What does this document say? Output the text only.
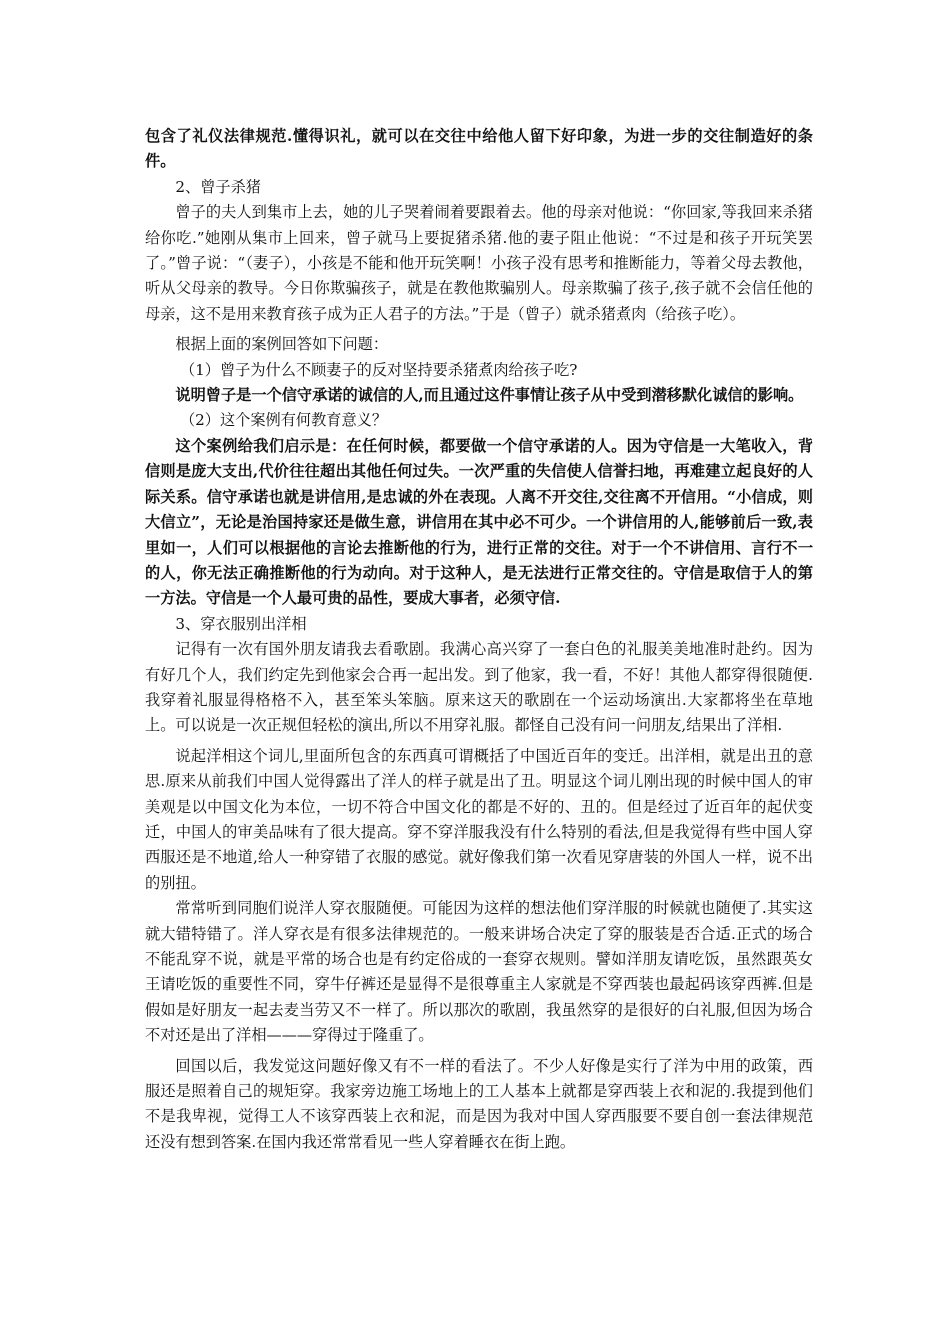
包含了礼仪法律规范.懂得识礼，就可以在交往中给他人留下好印象，为进一步的交往制造好的条件。

2、曾子杀猪

曾子的夫人到集市上去，她的儿子哭着闹着要跟着去。他的母亲对他说：“你回家,等我回来杀猪给你吃.”她刚从集市上回来，曾子就马上要捉猪杀猪.他的妻子阻止他说：“不过是和孩子开玩笑罢了。”曾子说：“（妻子），小孩是不能和他开玩笑啊！小孩子没有思考和推断能力，等着父母去教他，听从父母亲的教导。今日你欺骗孩子，就是在教他欺骗别人。母亲欺骗了孩子,孩子就不会信任他的母亲，这不是用来教育孩子成为正人君子的方法。”于是（曾子）就杀猪煮肉（给孩子吃）。

根据上面的案例回答如下问题：

（1）曾子为什么不顾妻子的反对坚持要杀猪煮肉给孩子吃?

说明曾子是一个信守承诺的诚信的人,而且通过这件事情让孩子从中受到潜移默化诚信的影响。

（2）这个案例有何教育意义？

这个案例给我们启示是：在任何时候，都要做一个信守承诺的人。因为守信是一大笔收入，背信则是庞大支出,代价往往超出其他任何过失。一次严重的失信使人信誉扫地，再难建立起良好的人际关系。信守承诺也就是讲信用,是忠诚的外在表现。人离不开交往,交往离不开信用。“小信成，则大信立”，无论是治国持家还是做生意，讲信用在其中必不可少。一个讲信用的人,能够前后一致,表里如一，人们可以根据他的言论去推断他的行为，进行正常的交往。对于一个不讲信用、言行不一的人，你无法正确推断他的行为动向。对于这种人，是无法进行正常交往的。守信是取信于人的第一方法。守信是一个人最可贵的品性，要成大事者，必须守信.

3、穿衣服别出洋相

记得有一次有国外朋友请我去看歌剧。我满心高兴穿了一套白色的礼服美美地准时赴约。因为有好几个人，我们约定先到他家会合再一起出发。到了他家，我一看，不好！其他人都穿得很随便.我穿着礼服显得格格不入，甚至笨头笨脑。原来这天的歌剧在一个运动场演出.大家都将坐在草地上。可以说是一次正规但轻松的演出,所以不用穿礼服。都怪自己没有问一问朋友,结果出了洋相.

说起洋相这个词儿,里面所包含的东西真可谓概括了中国近百年的变迁。出洋相，就是出丑的意思.原来从前我们中国人觉得露出了洋人的样子就是出了丑。明显这个词儿刚出现的时候中国人的审美观是以中国文化为本位，一切不符合中国文化的都是不好的、丑的。但是经过了近百年的起伏变迁，中国人的审美品味有了很大提高。穿不穿洋服我没有什么特别的看法,但是我觉得有些中国人穿西服还是不地道,给人一种穿错了衣服的感觉。就好像我们第一次看见穿唐装的外国人一样，说不出的别扭。

常常听到同胞们说洋人穿衣服随便。可能因为这样的想法他们穿洋服的时候就也随便了.其实这就大错特错了。洋人穿衣是有很多法律规范的。一般来讲场合决定了穿的服装是否合适.正式的场合不能乱穿不说，就是平常的场合也是有约定俗成的一套穿衣规则。譬如洋朋友请吃饭，虽然跟英女王请吃饭的重要性不同，穿牛仔裤还是显得不是很尊重主人家就是不穿西装也最起码该穿西裤.但是假如是好朋友一起去麦当劳又不一样了。所以那次的歌剧，我虽然穿的是很好的白礼服,但因为场合不对还是出了洋相———穿得过于隆重了。

回国以后，我发觉这问题好像又有不一样的看法了。不少人好像是实行了洋为中用的政策，西服还是照着自己的规矩穿。我家旁边施工场地上的工人基本上就都是穿西装上衣和泥的.我提到他们不是我卑视，觉得工人不该穿西装上衣和泥，而是因为我对中国人穿西服要不要自创一套法律规范还没有想到答案.在国内我还常常看见一些人穿着睡衣在街上跑。
